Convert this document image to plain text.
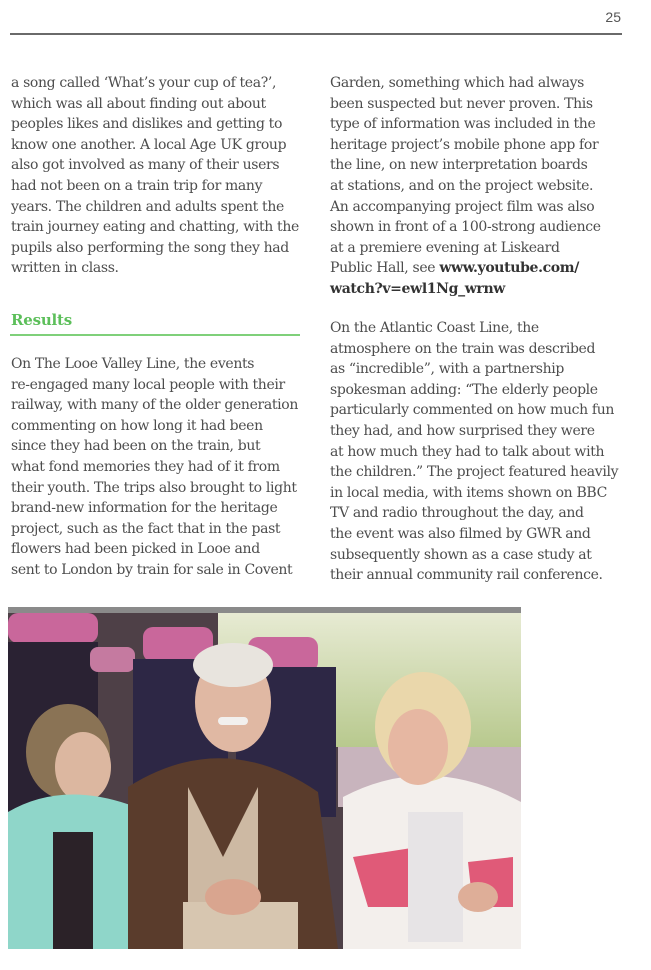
25

a song called ‘What’s your cup of tea?’,
which was all about finding out about
peoples likes and dislikes and getting to
know one another. A local Age UK group
also got involved as many of their users
had not been on a train trip for many
years. The children and adults spent the
train journey eating and chatting, with the
pupils also performing the song they had
written in class.

Results

On The Looe Valley Line, the events
re-engaged many local people with their
railway, with many of the older generation
commenting on how long it had been
since they had been on the train, but
what fond memories they had of it from
their youth. The trips also brought to light
brand-new information for the heritage
project, such as the fact that in the past
flowers had been picked in Looe and
sent to London by train for sale in Covent

Garden, something which had always
been suspected but never proven. This
type of information was included in the
heritage project’s mobile phone app for
the line, on new interpretation boards
at stations, and on the project website.
An accompanying project film was also
shown in front of a 100-strong audience
at a premiere evening at Liskeard
Public Hall, see www.youtube.com/
watch?v=ewl1Ng_wrnw

On the Atlantic Coast Line, the
atmosphere on the train was described
as “incredible”, with a partnership
spokesman adding: “The elderly people
particularly commented on how much fun
they had, and how surprised they were
at how much they had to talk about with
the children.” The project featured heavily
in local media, with items shown on BBC
TV and radio throughout the day, and
the event was also filmed by GWR and
subsequently shown as a case study at
their annual community rail conference.
